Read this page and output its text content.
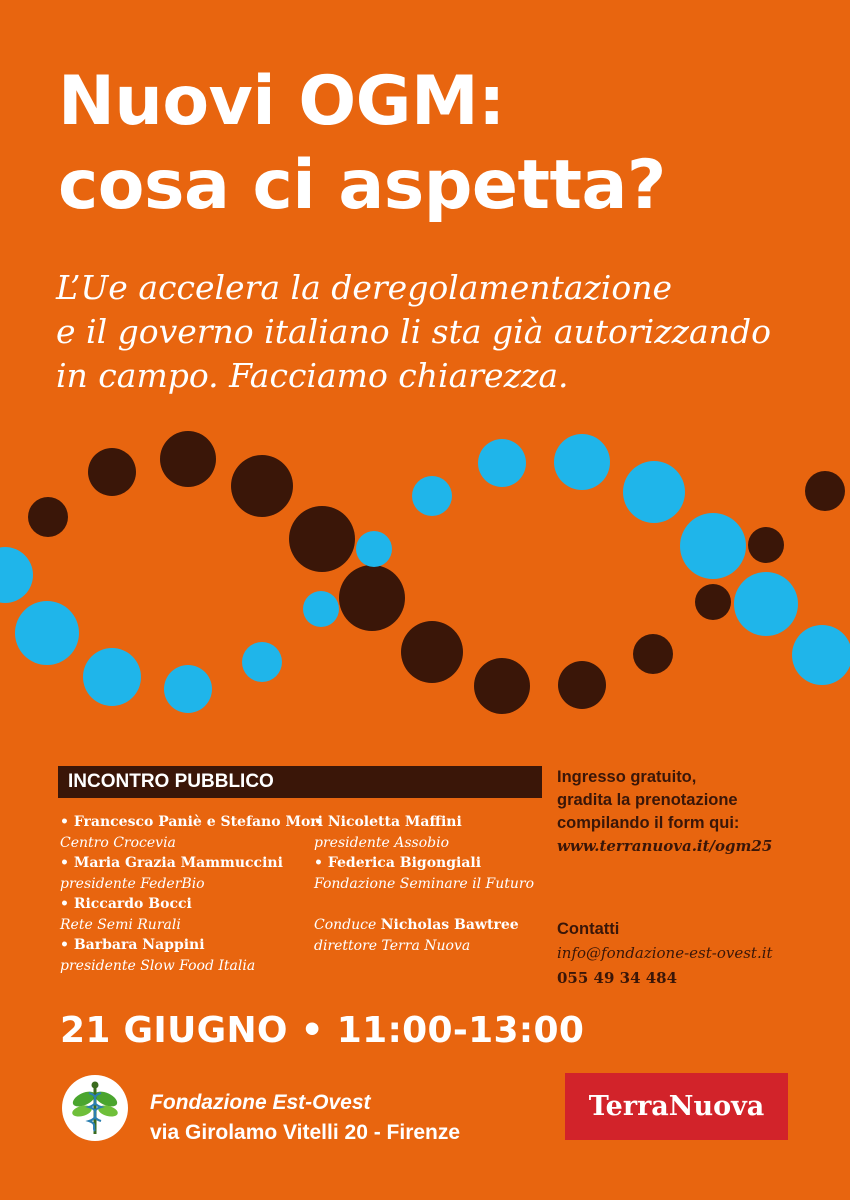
Nuovi OGM:
cosa ci aspetta?
L’Ue accelera la deregolamentazione
e il governo italiano li sta già autorizzando
in campo. Facciamo chiarezza.
INCONTRO PUBBLICO
• Francesco Paniè e Stefano Mori
Centro Crocevia
• Maria Grazia Mammuccini
presidente FederBio
• Riccardo Bocci
Rete Semi Rurali
• Barbara Nappini
presidente Slow Food Italia
• Nicoletta Maffini
presidente Assobio
• Federica Bigongiali
Fondazione Seminare il Futuro
Conduce Nicholas Bawtree
direttore Terra Nuova
Ingresso gratuito,
gradita la prenotazione
compilando il form qui:
www.terranuova.it/ogm25
Contatti
info@fondazione-est-ovest.it
055 49 34 484
21 GIUGNO • 11:00-13:00
Fondazione Est-Ovest
via Girolamo Vitelli 20 - Firenze
TerraNuova
